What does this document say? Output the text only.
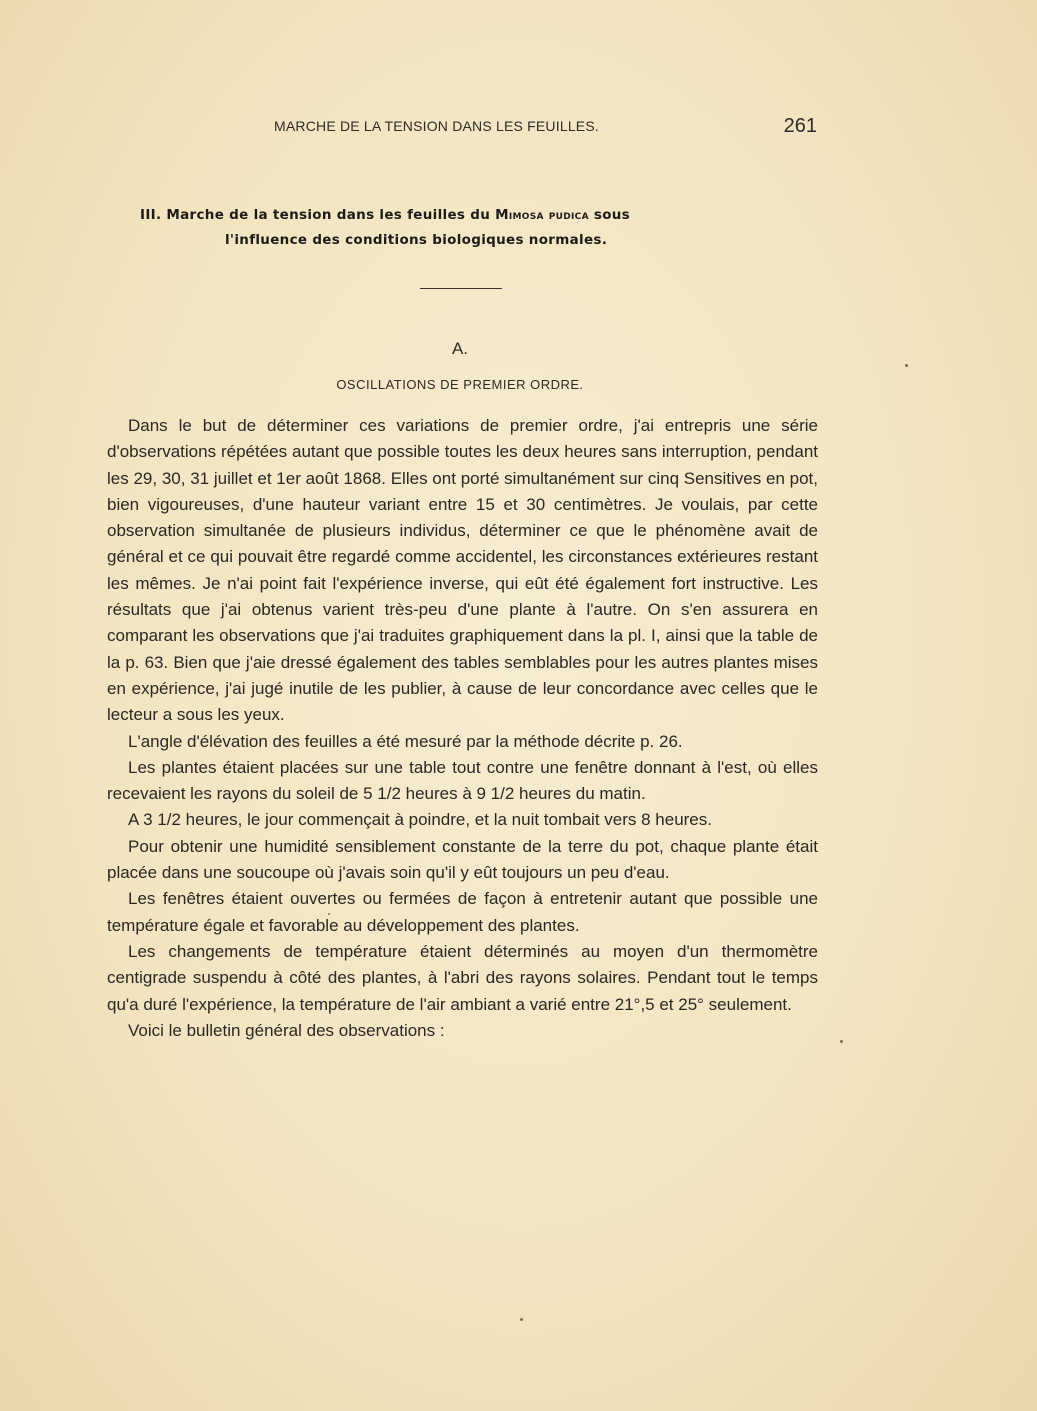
MARCHE DE LA TENSION DANS LES FEUILLES.	261
III. Marche de la tension dans les feuilles du Mimosa pudica sous
l'influence des conditions biologiques normales.
A.
OSCILLATIONS DE PREMIER ORDRE.

Dans le but de déterminer ces variations de premier ordre, j'ai entrepris une série d'observations répétées autant que possible toutes les deux heures sans interruption, pendant les 29, 30, 31 juillet et 1er août 1868. Elles ont porté simultanément sur cinq Sensitives en pot, bien vigoureuses, d'une hauteur variant entre 15 et 30 centimètres. Je voulais, par cette observation simultanée de plusieurs individus, déterminer ce que le phénomène avait de général et ce qui pouvait être regardé comme accidentel, les circonstances extérieures restant les mêmes. Je n'ai point fait l'expérience inverse, qui eût été également fort instructive. Les résultats que j'ai obtenus varient très-peu d'une plante à l'autre. On s'en assurera en comparant les observations que j'ai traduites graphiquement dans la pl. I, ainsi que la table de la p. 63. Bien que j'aie dressé également des tables semblables pour les autres plantes mises en expérience, j'ai jugé inutile de les publier, à cause de leur concordance avec celles que le lecteur a sous les yeux.

L'angle d'élévation des feuilles a été mesuré par la méthode décrite p. 26.

Les plantes étaient placées sur une table tout contre une fenêtre donnant à l'est, où elles recevaient les rayons du soleil de 5 1/2 heures à 9 1/2 heures du matin.

A 3 1/2 heures, le jour commençait à poindre, et la nuit tombait vers 8 heures.

Pour obtenir une humidité sensiblement constante de la terre du pot, chaque plante était placée dans une soucoupe où j'avais soin qu'il y eût toujours un peu d'eau.

Les fenêtres étaient ouvertes ou fermées de façon à entretenir autant que possible une température égale et favorable au développement des plantes.

Les changements de température étaient déterminés au moyen d'un thermomètre centigrade suspendu à côté des plantes, à l'abri des rayons solaires. Pendant tout le temps qu'a duré l'expérience, la température de l'air ambiant a varié entre 21°,5 et 25° seulement.

Voici le bulletin général des observations :
